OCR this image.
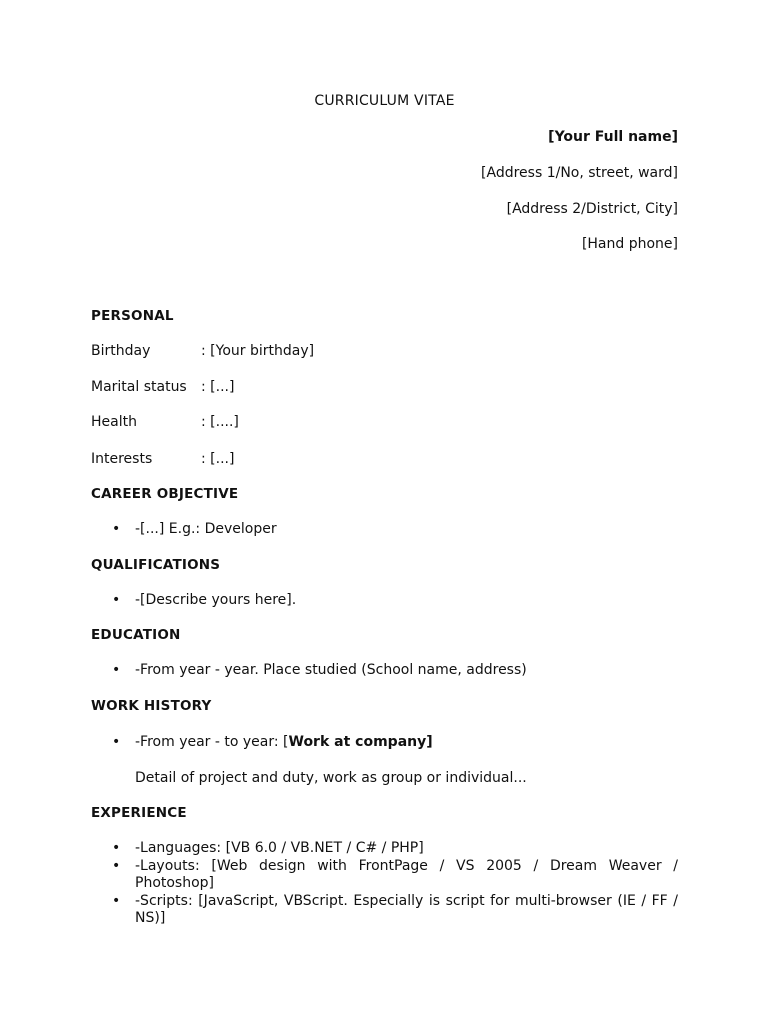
CURRICULUM VITAE
[Your Full name]
[Address 1/No, street, ward]
[Address 2/District, City]
[Hand phone]
PERSONAL
Birthday	: [Your birthday]
Marital status : [...]
Health	: [....]
Interests	: [...]
CAREER OBJECTIVE
• -[...] E.g.: Developer
QUALIFICATIONS
• -[Describe yours here].
EDUCATION
• -From year - year. Place studied (School name, address)
WORK HISTORY
• -From year - to year: [Work at company]
Detail of project and duty, work as group or individual...
EXPERIENCE
• -Languages: [VB 6.0 / VB.NET / C# / PHP]
• -Layouts: [Web design with FrontPage / VS 2005 / Dream Weaver / Photoshop]
• -Scripts: [JavaScript, VBScript. Especially is script for multi-browser (IE / FF / NS)]
